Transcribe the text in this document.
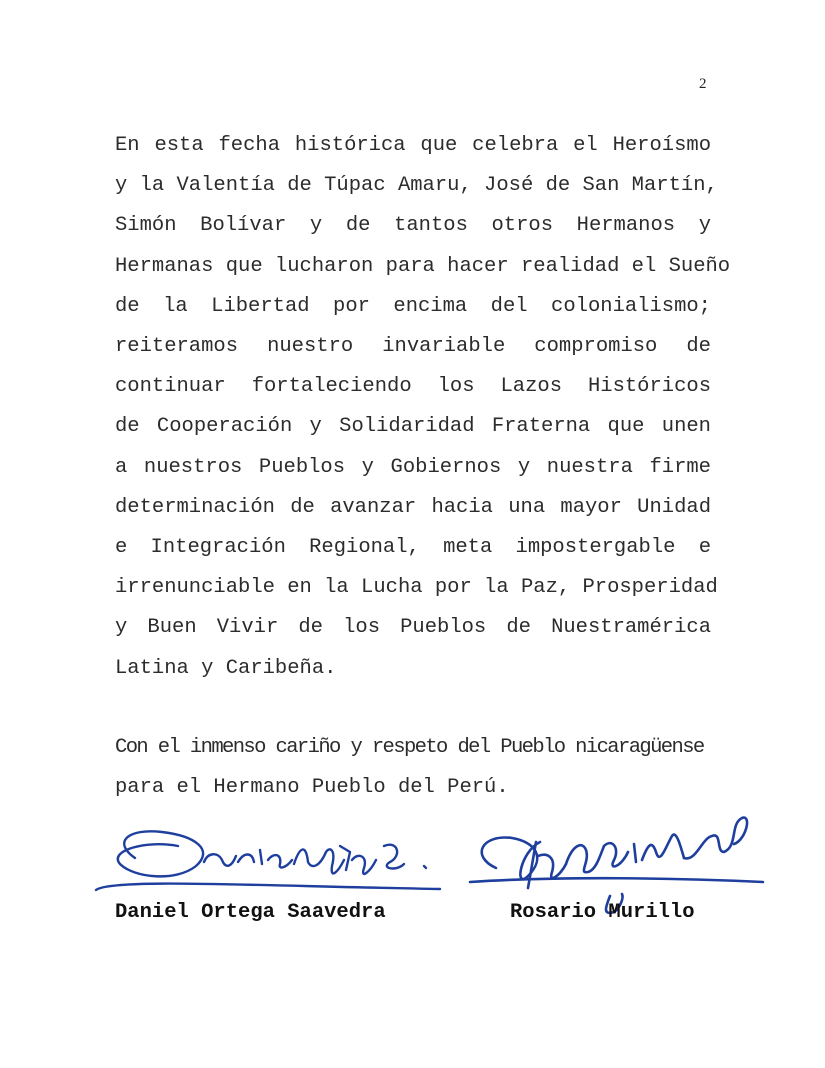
2
En esta fecha histórica que celebra el Heroísmo
y la Valentía de Túpac Amaru, José de San Martín,
Simón Bolívar y de tantos otros Hermanos y
Hermanas que lucharon para hacer realidad el Sueño
de la Libertad por encima del colonialismo;
reiteramos nuestro invariable compromiso de
continuar fortaleciendo los Lazos Históricos
de Cooperación y Solidaridad Fraterna que unen
a nuestros Pueblos y Gobiernos y nuestra firme
determinación de avanzar hacia una mayor Unidad
e Integración Regional, meta impostergable e
irrenunciable en la Lucha por la Paz, Prosperidad
y Buen Vivir de los Pueblos de Nuestramérica
Latina y Caribeña.
Con el inmenso cariño y respeto del Pueblo nicaragüense
para el Hermano Pueblo del Perú.
Daniel Ortega Saavedra	Rosario Murillo
